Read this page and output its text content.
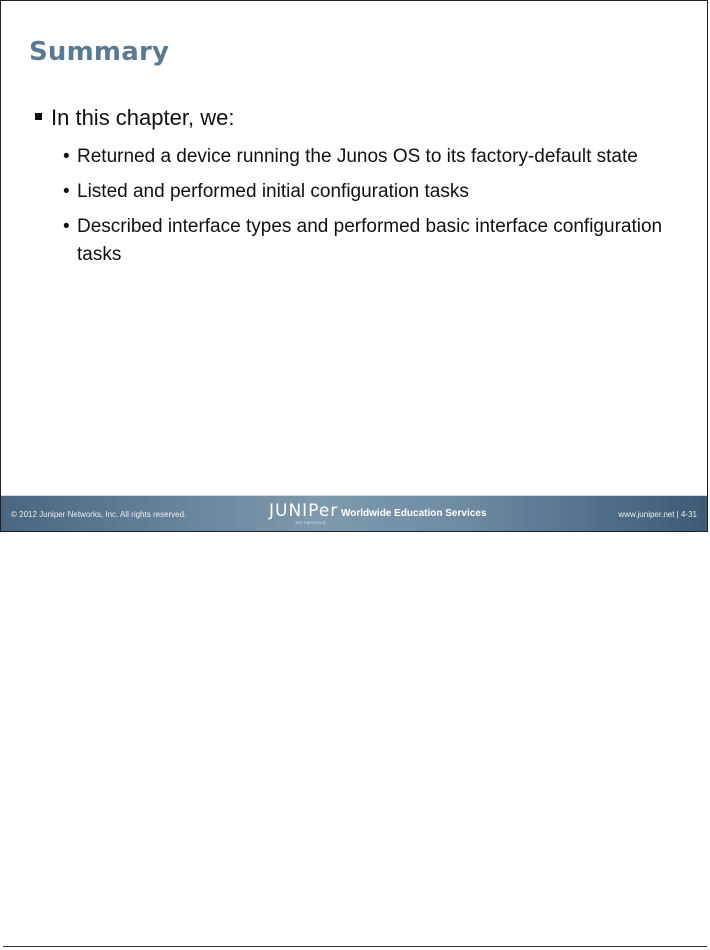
Summary
In this chapter, we:
• Returned a device running the Junos OS to its factory-default state
• Listed and performed initial configuration tasks
• Described interface types and performed basic interface configuration tasks
© 2012 Juniper Networks, Inc. All rights reserved.	JUNIPer
NETWORKS
Worldwide Education Services	www.juniper.net | 4-31
